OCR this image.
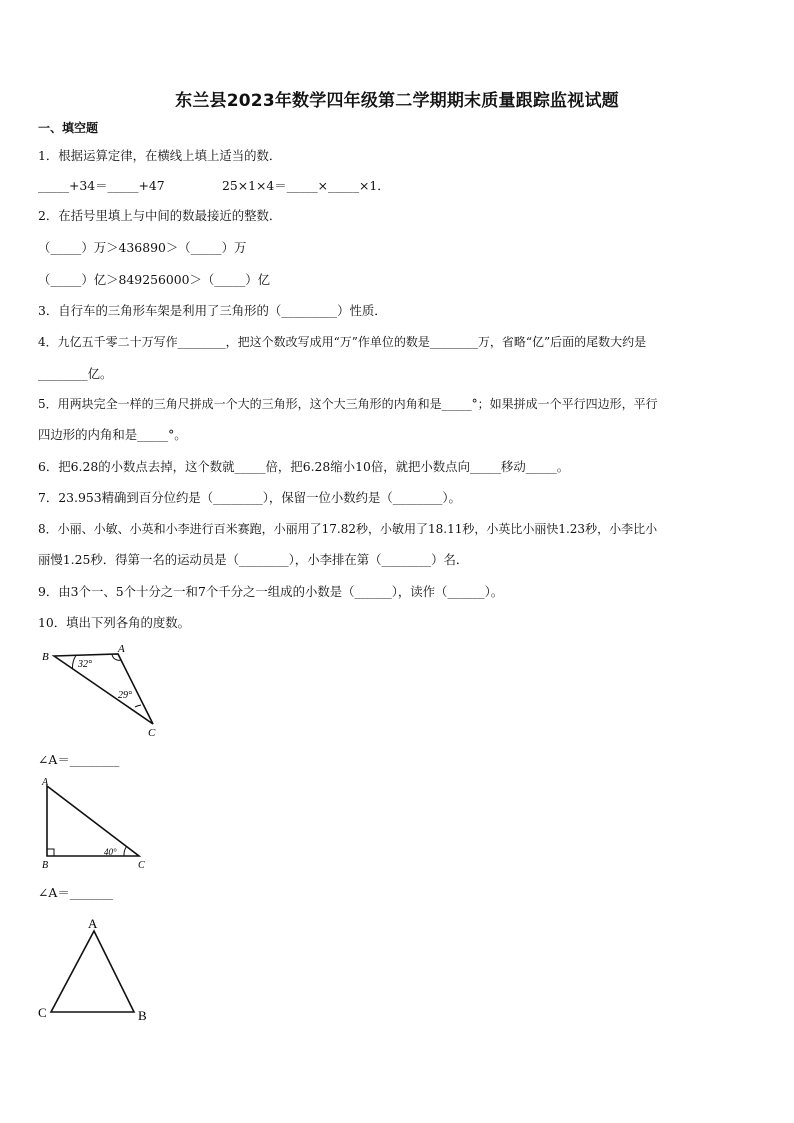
东兰县2023年数学四年级第二学期期末质量跟踪监视试题
一、填空题
1．根据运算定律，在横线上填上适当的数．
_____+34＝_____+47	25×1×4＝_____×_____×1．
2．在括号里填上与中间的数最接近的整数．
（_____）万＞436890＞（_____）万
（_____）亿＞849256000＞（_____）亿
3．自行车的三角形车架是利用了三角形的（_________）性质．
4．九亿五千零二十万写作________，把这个数改写成用“万”作单位的数是________万，省略“亿”后面的尾数大约是
________亿。
5．用两块完全一样的三角尺拼成一个大的三角形，这个大三角形的内角和是_____°；如果拼成一个平行四边形，平行
四边形的内角和是_____°。
6．把6.28的小数点去掉，这个数就_____倍，把6.28缩小10倍，就把小数点向_____移动_____。
7．23.953精确到百分位约是（________），保留一位小数约是（________）。
8．小丽、小敏、小英和小李进行百米赛跑，小丽用了17.82秒，小敏用了18.11秒，小英比小丽快1.23秒，小李比小
丽慢1.25秒．得第一名的运动员是（________），小李排在第（________）名．
9．由3个一、5个十分之一和7个千分之一组成的小数是（______），读作（______）。
10．填出下列各角的度数。
B
A
C
32°
29°
∠A＝________
A
B	C
40°
∠A＝_______
A
C	B
